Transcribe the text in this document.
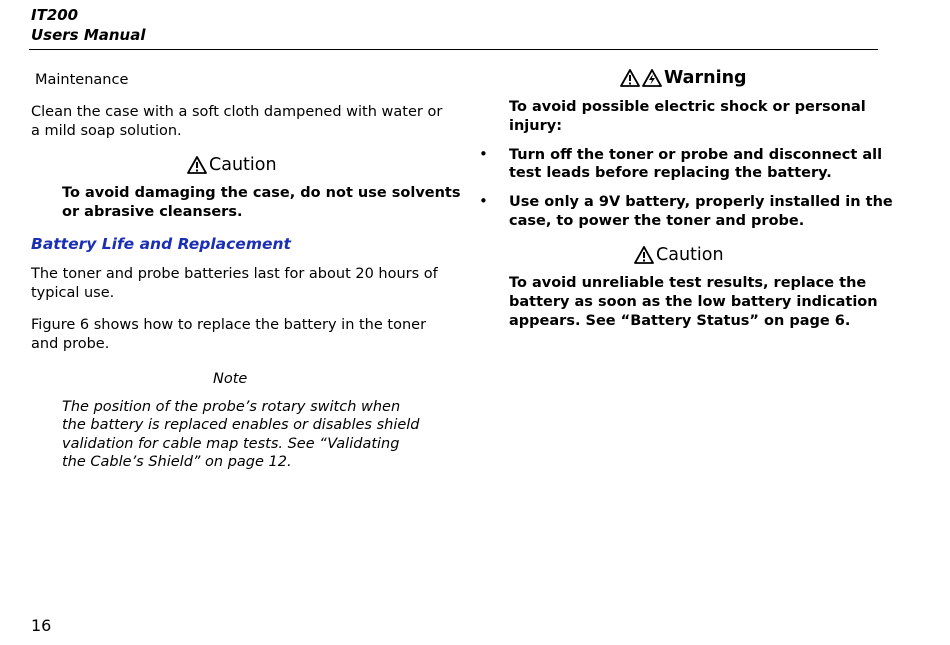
IT200
Users Manual
Maintenance
Clean the case with a soft cloth dampened with water or
a mild soap solution.
Caution
To avoid damaging the case, do not use solvents
or abrasive cleansers.
Battery Life and Replacement
The toner and probe batteries last for about 20 hours of
typical use.
Figure 6 shows how to replace the battery in the toner
and probe.
Note
The position of the probe’s rotary switch when
the battery is replaced enables or disables shield
validation for cable map tests. See “Validating
the Cable’s Shield” on page 12.
Warning
To avoid possible electric shock or personal
injury:
• Turn off the toner or probe and disconnect all
test leads before replacing the battery.
• Use only a 9V battery, properly installed in the
case, to power the toner and probe.
Caution
To avoid unreliable test results, replace the
battery as soon as the low battery indication
appears. See “Battery Status” on page 6.
16
